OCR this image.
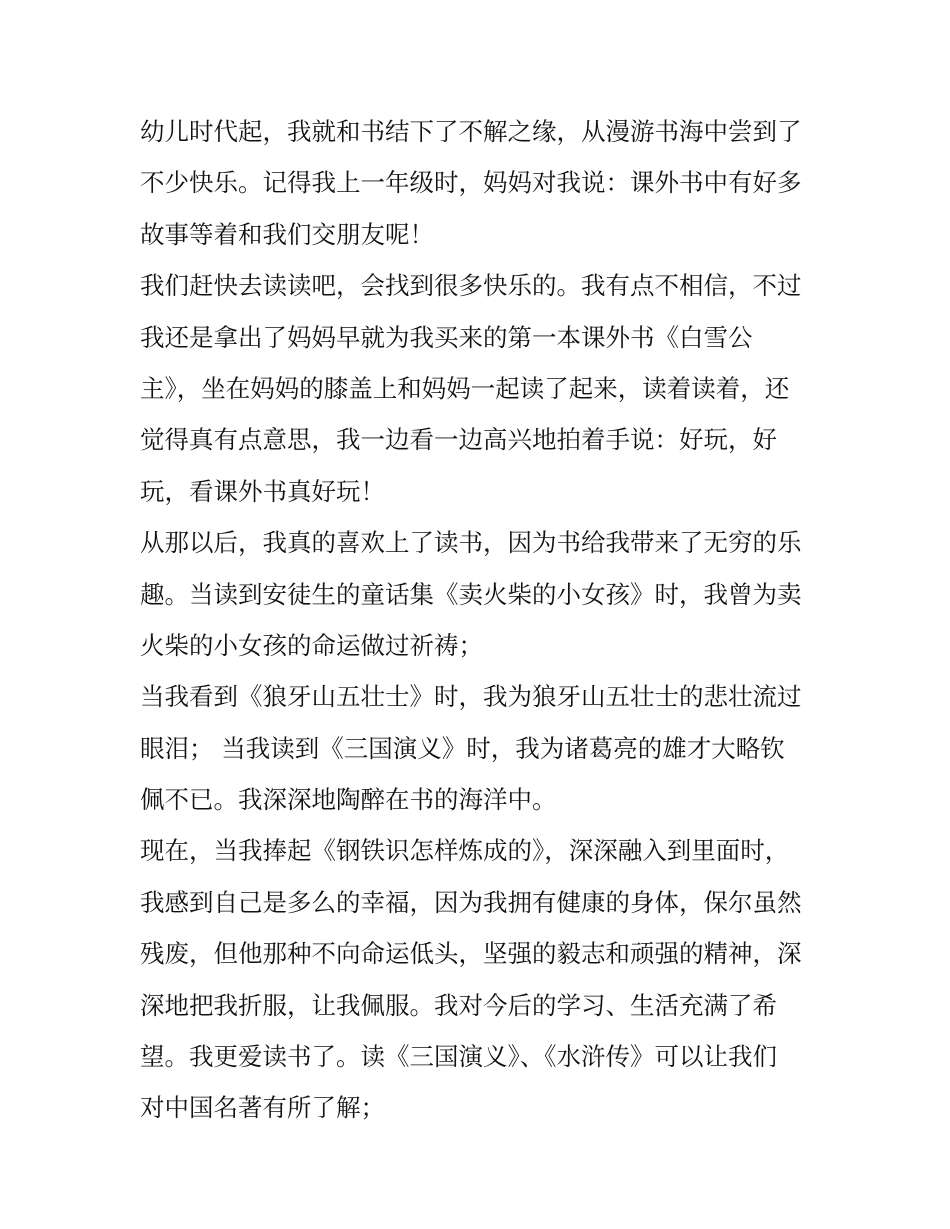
幼儿时代起，我就和书结下了不解之缘，从漫游书海中尝到了
不少快乐。记得我上一年级时，妈妈对我说：课外书中有好多
故事等着和我们交朋友呢！
我们赶快去读读吧，会找到很多快乐的。我有点不相信，不过
我还是拿出了妈妈早就为我买来的第一本课外书《白雪公
主》，坐在妈妈的膝盖上和妈妈一起读了起来，读着读着，还
觉得真有点意思，我一边看一边高兴地拍着手说：好玩，好
玩，看课外书真好玩！
从那以后，我真的喜欢上了读书，因为书给我带来了无穷的乐
趣。当读到安徒生的童话集《卖火柴的小女孩》时，我曾为卖
火柴的小女孩的命运做过祈祷；
当我看到《狼牙山五壮士》时，我为狼牙山五壮士的悲壮流过
眼泪； 当我读到《三国演义》时，我为诸葛亮的雄才大略钦
佩不已。我深深地陶醉在书的海洋中。
现在，当我捧起《钢铁识怎样炼成的》，深深融入到里面时，
我感到自己是多么的幸福，因为我拥有健康的身体，保尔虽然
残废，但他那种不向命运低头，坚强的毅志和顽强的精神，深
深地把我折服，让我佩服。我对今后的学习、生活充满了希
望。我更爱读书了。读《三国演义》、《水浒传》可以让我们
对中国名著有所了解；
